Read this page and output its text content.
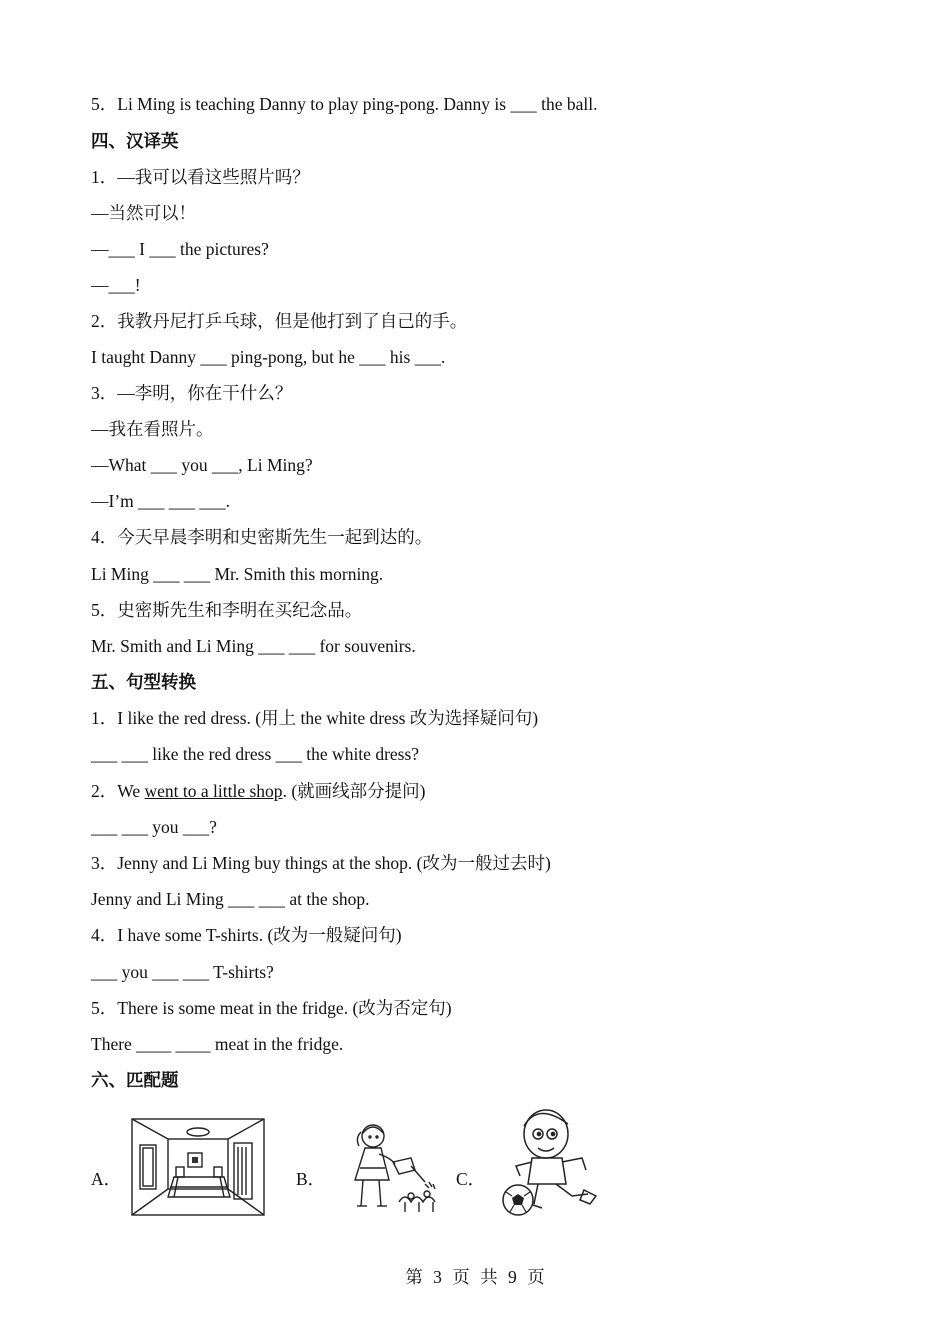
5．Li Ming is teaching Danny to play ping-pong. Danny is ___ the ball.
四、汉译英
1．—我可以看这些照片吗？
—当然可以！
—___ I ___ the pictures?
—___!
2．我教丹尼打乒乓球，但是他打到了自己的手。
I taught Danny ___ ping-pong, but he ___ his ___.
3．—李明，你在干什么？
—我在看照片。
—What ___ you ___, Li Ming?
—I’m ___ ___ ___.
4．今天早晨李明和史密斯先生一起到达的。
Li Ming ___ ___ Mr. Smith this morning.
5．史密斯先生和李明在买纪念品。
Mr. Smith and Li Ming ___ ___ for souvenirs.
五、句型转换
1．I like the red dress. (用上 the white dress 改为选择疑问句)
___ ___ like the red dress ___ the white dress?
2．We went to a little shop. (就画线部分提问)
___ ___ you ___?
3．Jenny and Li Ming buy things at the shop. (改为一般过去时)
Jenny and Li Ming ___ ___ at the shop.
4．I have some T-shirts. (改为一般疑问句)
___ you ___ ___ T-shirts?
5．There is some meat in the fridge. (改为否定句)
There ____ ____ meat in the fridge.
六、匹配题
A．	B．	C．
第 3 页 共 9 页
